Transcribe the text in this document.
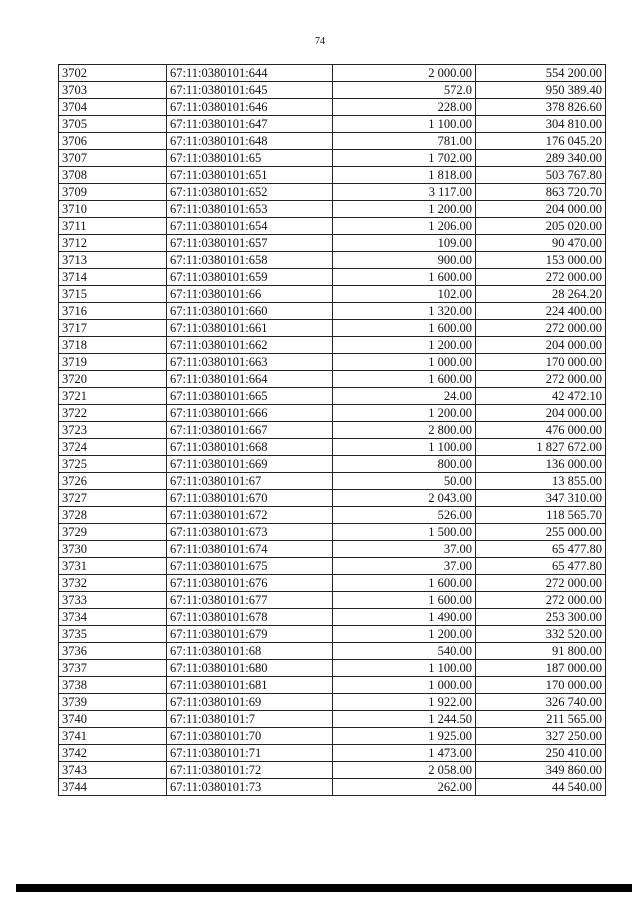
74
3702	67:11:0380101:644	2 000.00	554 200.00
3703	67:11:0380101:645	572.0	950 389.40
3704	67:11:0380101:646	228.00	378 826.60
3705	67:11:0380101:647	1 100.00	304 810.00
3706	67:11:0380101:648	781.00	176 045.20
3707	67:11:0380101:65	1 702.00	289 340.00
3708	67:11:0380101:651	1 818.00	503 767.80
3709	67:11:0380101:652	3 117.00	863 720.70
3710	67:11:0380101:653	1 200.00	204 000.00
3711	67:11:0380101:654	1 206.00	205 020.00
3712	67:11:0380101:657	109.00	90 470.00
3713	67:11:0380101:658	900.00	153 000.00
3714	67:11:0380101:659	1 600.00	272 000.00
3715	67:11:0380101:66	102.00	28 264.20
3716	67:11:0380101:660	1 320.00	224 400.00
3717	67:11:0380101:661	1 600.00	272 000.00
3718	67:11:0380101:662	1 200.00	204 000.00
3719	67:11:0380101:663	1 000.00	170 000.00
3720	67:11:0380101:664	1 600.00	272 000.00
3721	67:11:0380101:665	24.00	42 472.10
3722	67:11:0380101:666	1 200.00	204 000.00
3723	67:11:0380101:667	2 800.00	476 000.00
3724	67:11:0380101:668	1 100.00	1 827 672.00
3725	67:11:0380101:669	800.00	136 000.00
3726	67:11:0380101:67	50.00	13 855.00
3727	67:11:0380101:670	2 043.00	347 310.00
3728	67:11:0380101:672	526.00	118 565.70
3729	67:11:0380101:673	1 500.00	255 000.00
3730	67:11:0380101:674	37.00	65 477.80
3731	67:11:0380101:675	37.00	65 477.80
3732	67:11:0380101:676	1 600.00	272 000.00
3733	67:11:0380101:677	1 600.00	272 000.00
3734	67:11:0380101:678	1 490.00	253 300.00
3735	67:11:0380101:679	1 200.00	332 520.00
3736	67:11:0380101:68	540.00	91 800.00
3737	67:11:0380101:680	1 100.00	187 000.00
3738	67:11:0380101:681	1 000.00	170 000.00
3739	67:11:0380101:69	1 922.00	326 740.00
3740	67:11:0380101:7	1 244.50	211 565.00
3741	67:11:0380101:70	1 925.00	327 250.00
3742	67:11:0380101:71	1 473.00	250 410.00
3743	67:11:0380101:72	2 058.00	349 860.00
3744	67:11:0380101:73	262.00	44 540.00
